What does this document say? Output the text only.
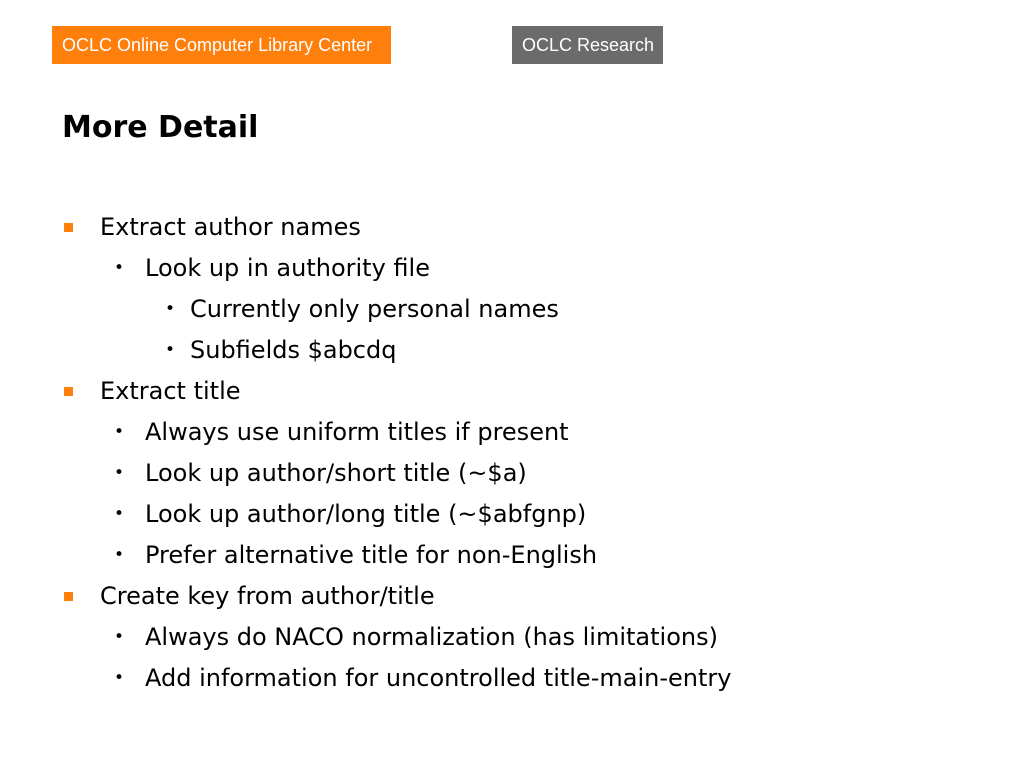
OCLC Online Computer Library Center	OCLC Research
More Detail
Extract author names
• Look up in authority file
• Currently only personal names
• Subfields $abcdq
Extract title
• Always use uniform titles if present
• Look up author/short title (~$a)
• Look up author/long title (~$abfgnp)
• Prefer alternative title for non-English
Create key from author/title
• Always do NACO normalization (has limitations)
• Add information for uncontrolled title-main-entry
